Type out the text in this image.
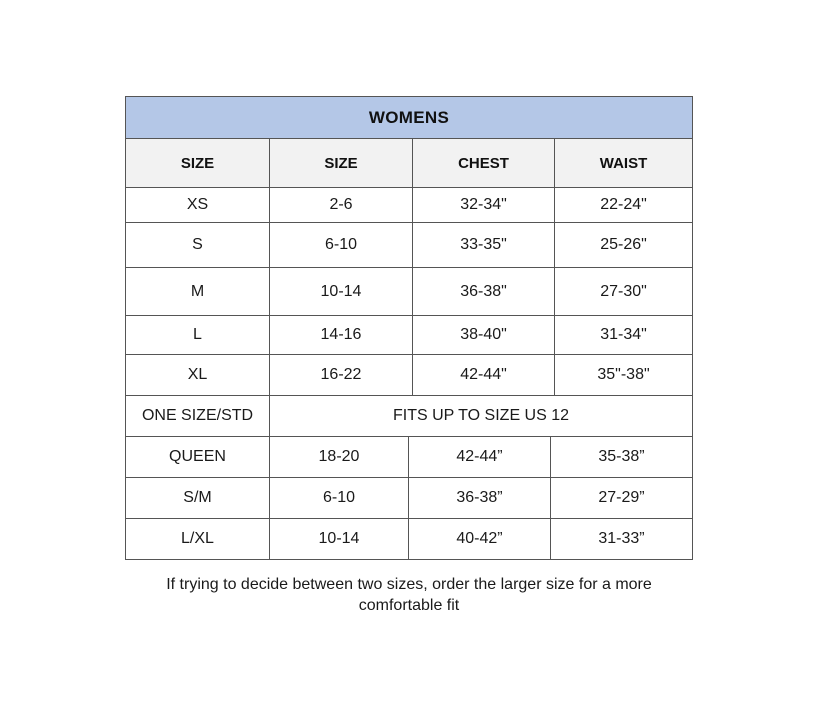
WOMENS
SIZE	SIZE	CHEST	WAIST
XS	2-6	32-34"	22-24"
S	6-10	33-35"	25-26"
M	10-14	36-38"	27-30"
L	14-16	38-40"	31-34"
XL	16-22	42-44"	35"-38"
ONE SIZE/STD	FITS UP TO SIZE US 12
QUEEN	18-20	42-44”	35-38”
S/M	6-10	36-38”	27-29”
L/XL	10-14	40-42”	31-33”
If trying to decide between two sizes, order the larger size for a more comfortable fit
